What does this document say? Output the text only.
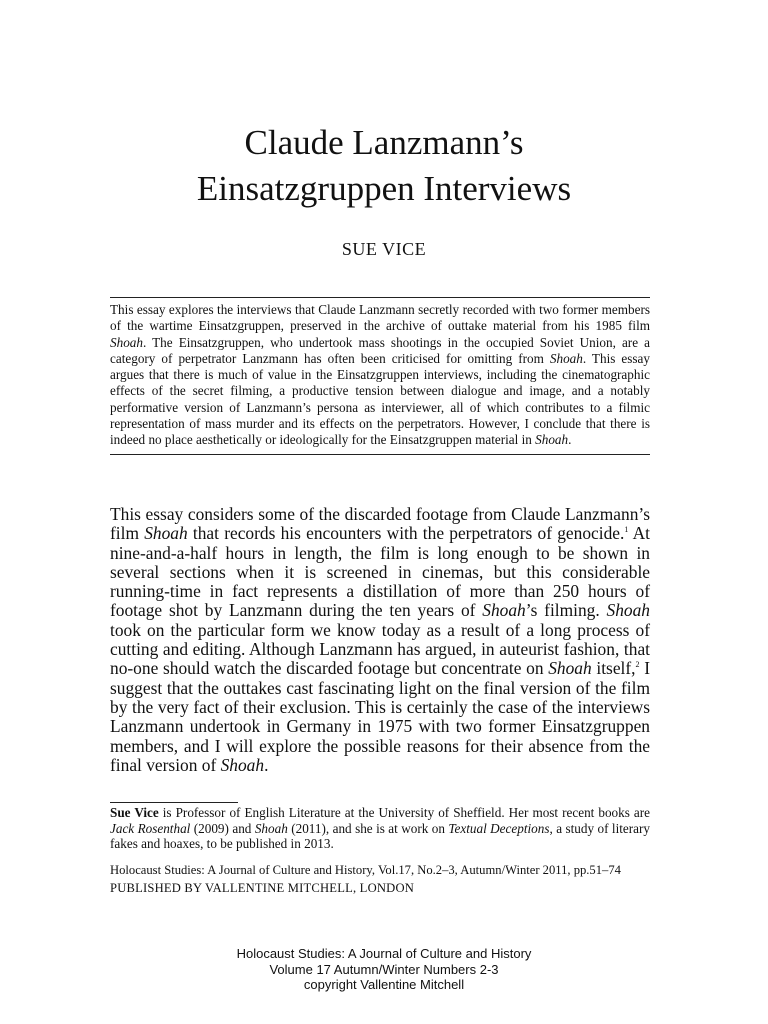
Claude Lanzmann’s
Einsatzgruppen Interviews
SUE VICE
This essay explores the interviews that Claude Lanzmann secretly recorded with two former members of the wartime Einsatzgruppen, preserved in the archive of outtake material from his 1985 film Shoah. The Einsatzgruppen, who undertook mass shootings in the occupied Soviet Union, are a category of perpetrator Lanzmann has often been criticised for omitting from Shoah. This essay argues that there is much of value in the Einsatzgruppen interviews, including the cinematographic effects of the secret filming, a productive tension between dialogue and image, and a notably performative version of Lanzmann’s persona as interviewer, all of which contributes to a filmic representation of mass murder and its effects on the perpetrators. However, I conclude that there is indeed no place aesthetically or ideologically for the Einsatzgruppen material in Shoah.

This essay considers some of the discarded footage from Claude Lanzmann’s film Shoah that records his encounters with the perpetrators of genocide.$^1$ At nine-and-a-half hours in length, the film is long enough to be shown in several sections when it is screened in cinemas, but this considerable running-time in fact represents a distillation of more than 250 hours of footage shot by Lanzmann during the ten years of Shoah’s filming. Shoah took on the particular form we know today as a result of a long process of cutting and editing. Although Lanzmann has argued, in auteurist fashion, that no-one should watch the discarded footage but concentrate on Shoah itself,$^2$ I suggest that the outtakes cast fascinating light on the final version of the film by the very fact of their exclusion. This is certainly the case of the interviews Lanzmann undertook in Germany in 1975 with two former Einsatzgruppen members, and I will explore the possible reasons for their absence from the final version of Shoah.

Sue Vice is Professor of English Literature at the University of Sheffield. Her most recent books are Jack Rosenthal (2009) and Shoah (2011), and she is at work on Textual Deceptions, a study of literary fakes and hoaxes, to be published in 2013.
Holocaust Studies: A Journal of Culture and History, Vol.17, No.2–3, Autumn/Winter 2011, pp.51–74
PUBLISHED BY VALLENTINE MITCHELL, LONDON
Holocaust Studies: A Journal of Culture and History
Volume 17 Autumn/Winter Numbers 2-3
copyright Vallentine Mitchell
